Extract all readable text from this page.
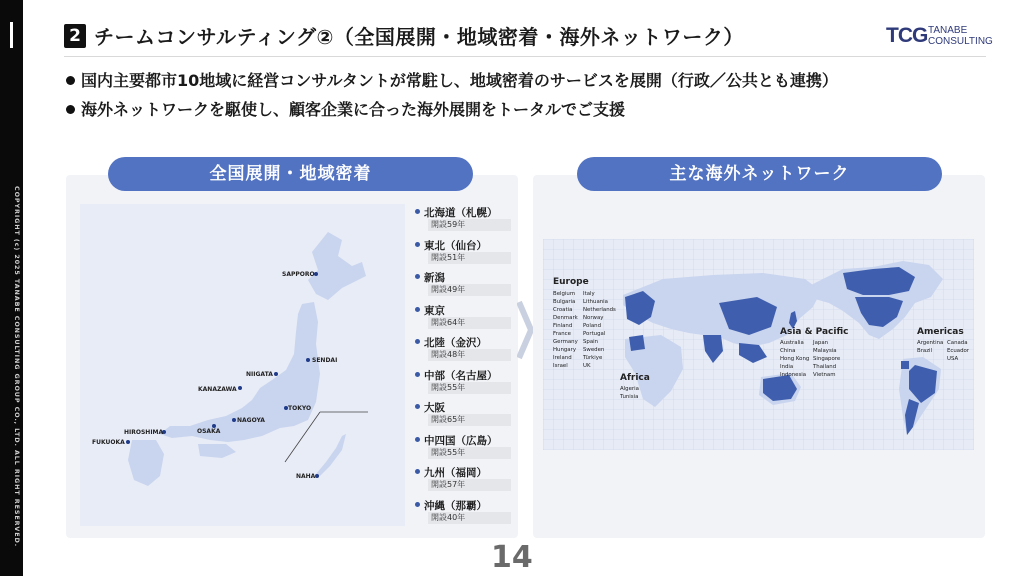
COPYRIGHT (c) 2025 TANABE CONSULTING GROUP CO., LTD. ALL RIGHT RESERVED.
2 チームコンサルティング②（全国展開・地域密着・海外ネットワーク）	TCG TANABE
CONSULTING
国内主要都市10地域に経営コンサルタントが常駐し、地域密着のサービスを展開（行政／公共とも連携）
海外ネットワークを駆使し、顧客企業に合った海外展開をトータルでご支援
全国展開・地域密着	主な海外ネットワーク
SAPPORO
SENDAI
NIIGATA
KANAZAWA
TOKYO
NAGOYA
OSAKA
HIROSHIMA
FUKUOKA
NAHA
北海道（札幌）
開設59年
東北（仙台）
開設51年
新潟
開設49年
東京
開設64年
北陸（金沢）
開設48年
中部（名古屋）
開設55年
大阪
開設65年
中四国（広島）
開設55年
九州（福岡）
開設57年
沖縄（那覇）
開設40年
Europe
Belgium
Bulgaria
Croatia
Denmark
Finland
France
Germany
Hungary
Ireland
Israel
Italy
Lithuania
Netherlands
Norway
Poland
Portugal
Spain
Sweden
Türkiye
UK
Africa
Algeria
Tunisia
Asia & Pacific
Australia
China
Hong Kong
India
Indonesia
Japan
Malaysia
Singapore
Thailand
Vietnam
Americas
Argentina
Brazil
Canada
Ecuador
USA
14
